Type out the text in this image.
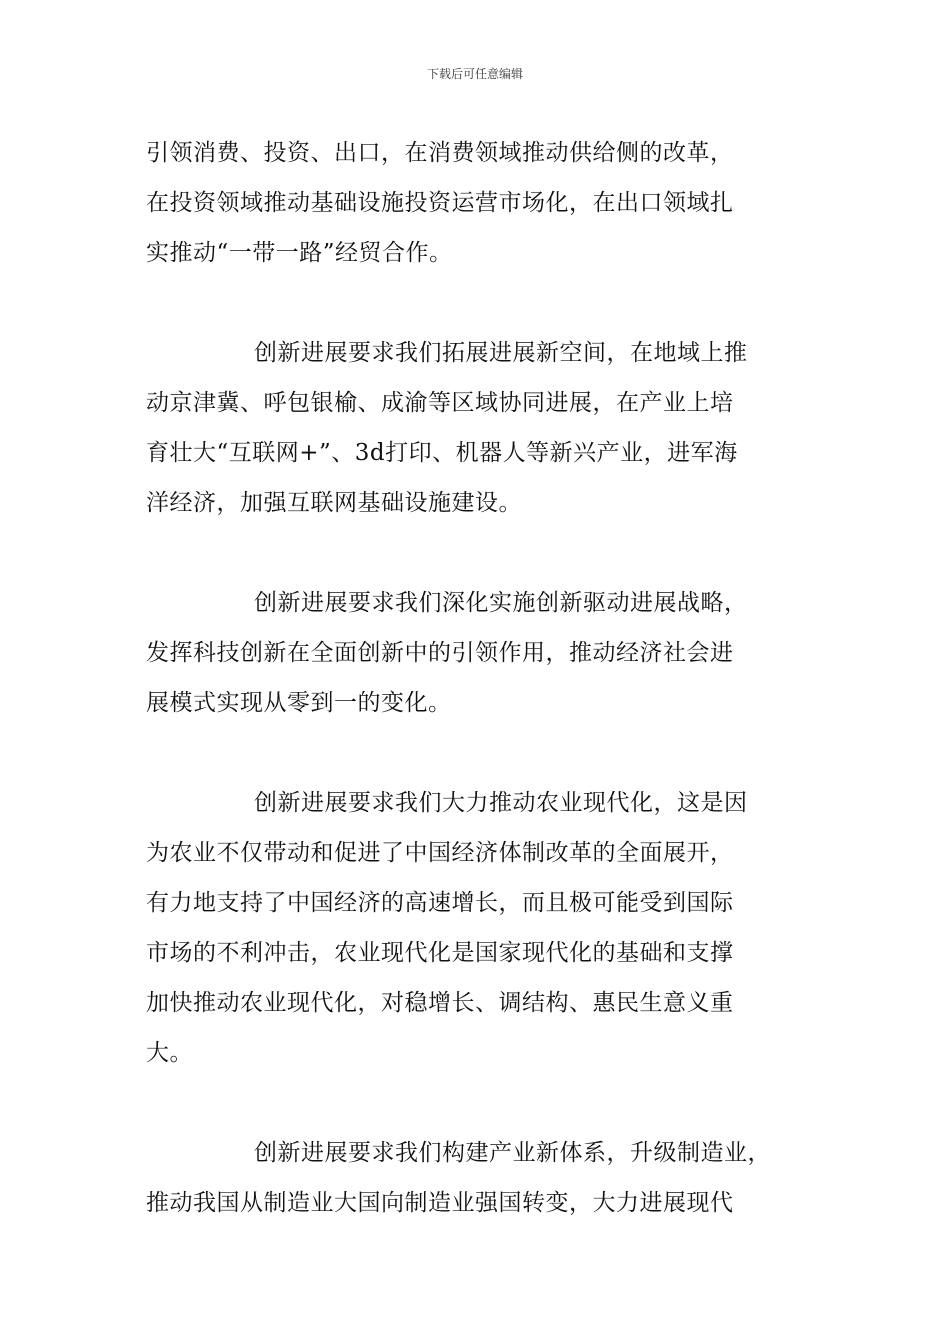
下载后可任意编辑
引领消费、投资、出口，在消费领域推动供给侧的改革，
在投资领域推动基础设施投资运营市场化，在出口领域扎
实推动“一带一路”经贸合作。
创新进展要求我们拓展进展新空间，在地域上推
动京津冀、呼包银榆、成渝等区域协同进展，在产业上培
育壮大“互联网+”、3d打印、机器人等新兴产业，进军海
洋经济，加强互联网基础设施建设。
创新进展要求我们深化实施创新驱动进展战略，
发挥科技创新在全面创新中的引领作用，推动经济社会进
展模式实现从零到一的变化。
创新进展要求我们大力推动农业现代化，这是因
为农业不仅带动和促进了中国经济体制改革的全面展开，
有力地支持了中国经济的高速增长，而且极可能受到国际
市场的不利冲击，农业现代化是国家现代化的基础和支撑
加快推动农业现代化，对稳增长、调结构、惠民生意义重
大。
创新进展要求我们构建产业新体系，升级制造业，
推动我国从制造业大国向制造业强国转变，大力进展现代
